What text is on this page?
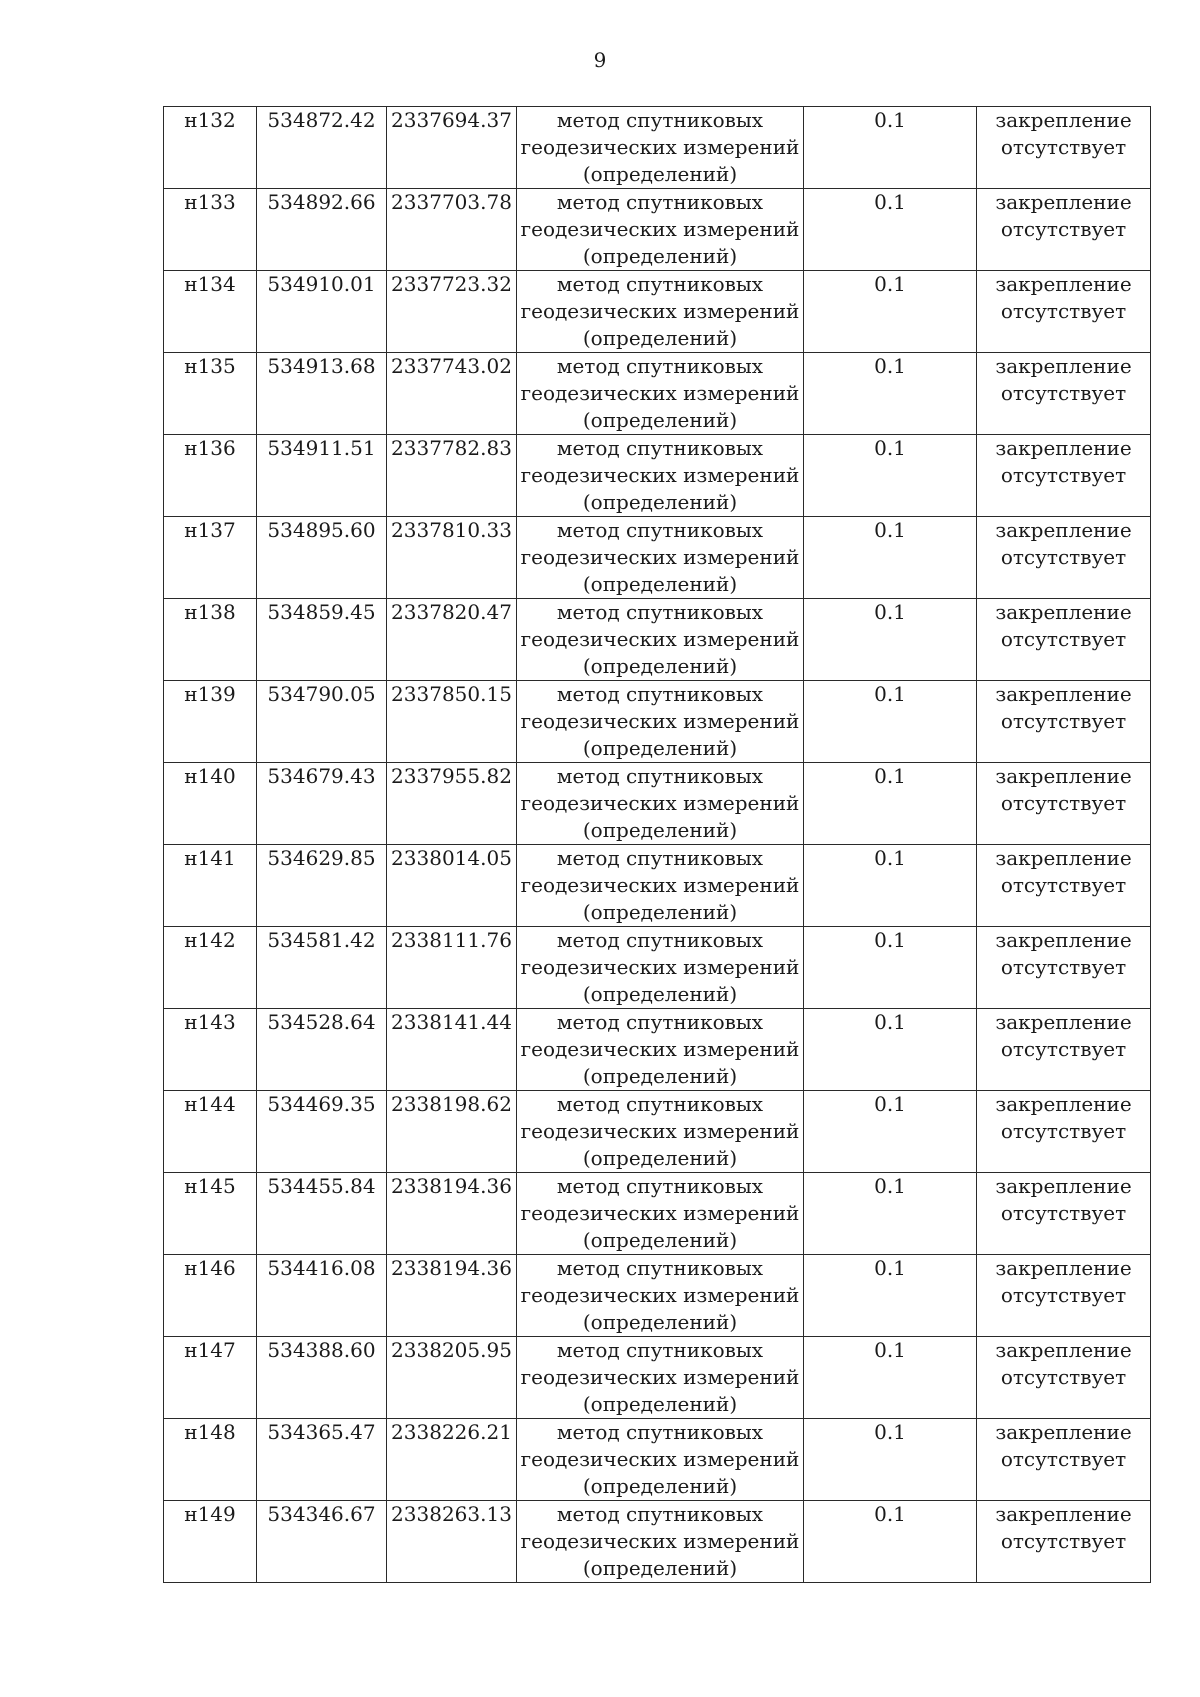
9
н132	534872.42	2337694.37	метод спутниковых
геодезических измерений
(определений)	0.1	закрепление
отсутствует

н133	534892.66	2337703.78	метод спутниковых
геодезических измерений
(определений)	0.1	закрепление
отсутствует

н134	534910.01	2337723.32	метод спутниковых
геодезических измерений
(определений)	0.1	закрепление
отсутствует

н135	534913.68	2337743.02	метод спутниковых
геодезических измерений
(определений)	0.1	закрепление
отсутствует

н136	534911.51	2337782.83	метод спутниковых
геодезических измерений
(определений)	0.1	закрепление
отсутствует

н137	534895.60	2337810.33	метод спутниковых
геодезических измерений
(определений)	0.1	закрепление
отсутствует

н138	534859.45	2337820.47	метод спутниковых
геодезических измерений
(определений)	0.1	закрепление
отсутствует

н139	534790.05	2337850.15	метод спутниковых
геодезических измерений
(определений)	0.1	закрепление
отсутствует

н140	534679.43	2337955.82	метод спутниковых
геодезических измерений
(определений)	0.1	закрепление
отсутствует

н141	534629.85	2338014.05	метод спутниковых
геодезических измерений
(определений)	0.1	закрепление
отсутствует

н142	534581.42	2338111.76	метод спутниковых
геодезических измерений
(определений)	0.1	закрепление
отсутствует

н143	534528.64	2338141.44	метод спутниковых
геодезических измерений
(определений)	0.1	закрепление
отсутствует

н144	534469.35	2338198.62	метод спутниковых
геодезических измерений
(определений)	0.1	закрепление
отсутствует

н145	534455.84	2338194.36	метод спутниковых
геодезических измерений
(определений)	0.1	закрепление
отсутствует

н146	534416.08	2338194.36	метод спутниковых
геодезических измерений
(определений)	0.1	закрепление
отсутствует

н147	534388.60	2338205.95	метод спутниковых
геодезических измерений
(определений)	0.1	закрепление
отсутствует

н148	534365.47	2338226.21	метод спутниковых
геодезических измерений
(определений)	0.1	закрепление
отсутствует

н149	534346.67	2338263.13	метод спутниковых
геодезических измерений
(определений)	0.1	закрепление
отсутствует
